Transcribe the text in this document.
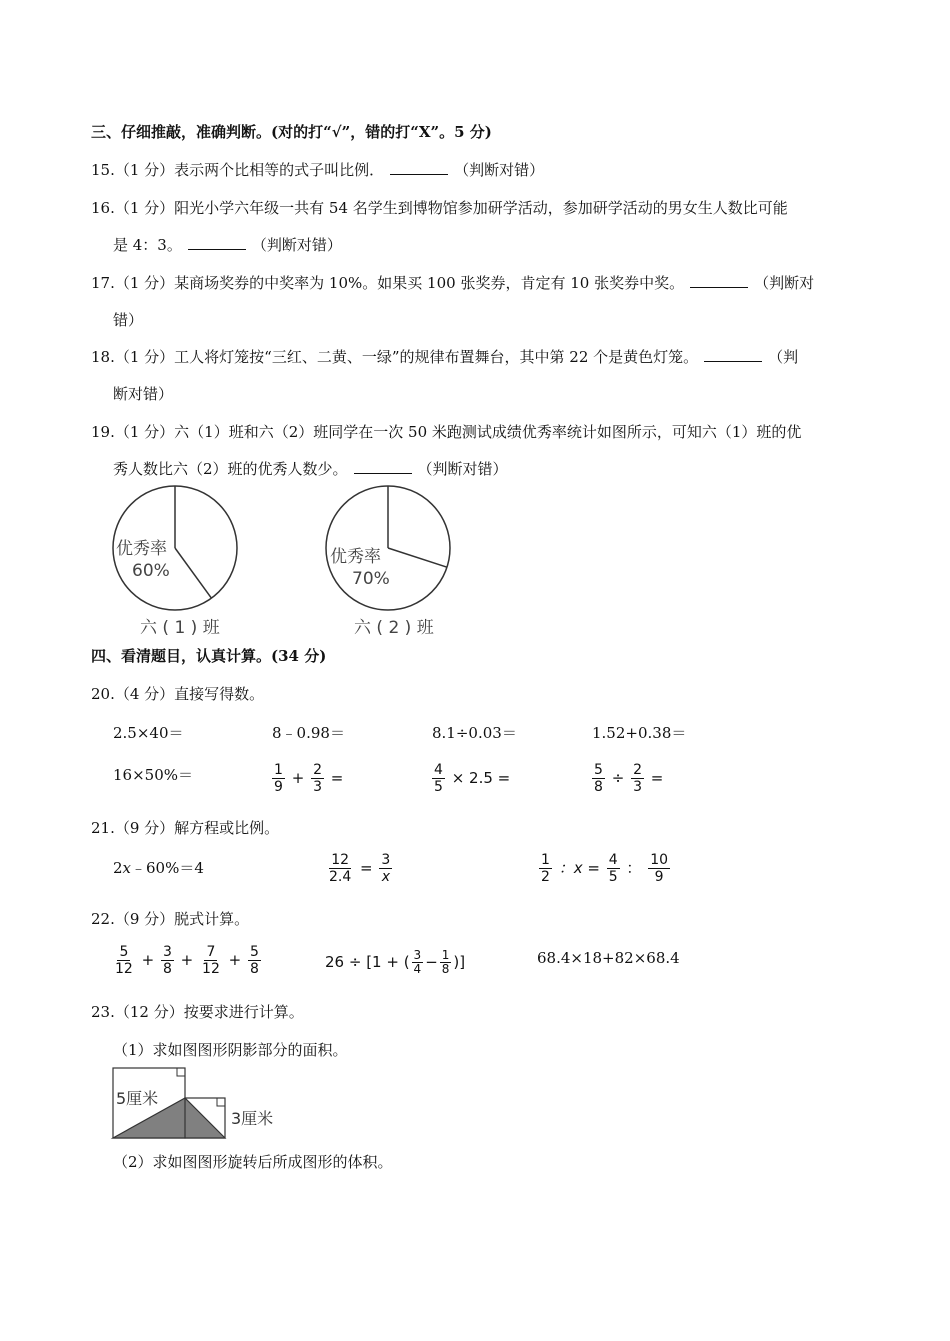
三、仔细推敲，准确判断。(对的打“√”，错的打“X”。5 分)
15.（1 分）表示两个比相等的式子叫比例．	（判断对错）
16.（1 分）阳光小学六年级一共有 54 名学生到博物馆参加研学活动，参加研学活动的男女生人数比可能
是 4：3。	（判断对错）
17.（1 分）某商场奖券的中奖率为 10%。如果买 100 张奖券，肯定有 10 张奖券中奖。	（判断对
错）
18.（1 分）工人将灯笼按“三红、二黄、一绿”的规律布置舞台，其中第 22 个是黄色灯笼。	（判
断对错）
19.（1 分）六（1）班和六（2）班同学在一次 50 米跑测试成绩优秀率统计如图所示，可知六（1）班的优
秀人数比六（2）班的优秀人数少。	（判断对错）
优秀率
60%
六 ( 1 ) 班
优秀率
70%
六 ( 2 ) 班
四、看清题目，认真计算。(34 分)
20.（4 分）直接写得数。
2.5×40＝	8﹣0.98＝	8.1÷0.03＝	1.52+0.38＝
16×50%＝	$\frac{1}{9} + \frac{2}{3}$ =	$\frac{4}{5} \times 2.5$ =	$\frac{5}{8} \div \frac{2}{3}$ =
21.（9 分）解方程或比例。
2x﹣60%＝4	$\frac{12}{2.4} = \frac{3}{x}$	$\frac{1}{2}$ ：$x = \frac{4}{5}$ ： $\frac{10}{9}$
22.（9 分）脱式计算。
$\frac{5}{12} + \frac{3}{8} + \frac{7}{12} + \frac{5}{8}$	26 ÷ [1 + ( $\frac{3}{4} - \frac{1}{8}$ )]	68.4×18+82×68.4
23.（12 分）按要求进行计算。
（1）求如图图形阴影部分的面积。
5厘米
3厘米
（2）求如图图形旋转后所成图形的体积。
